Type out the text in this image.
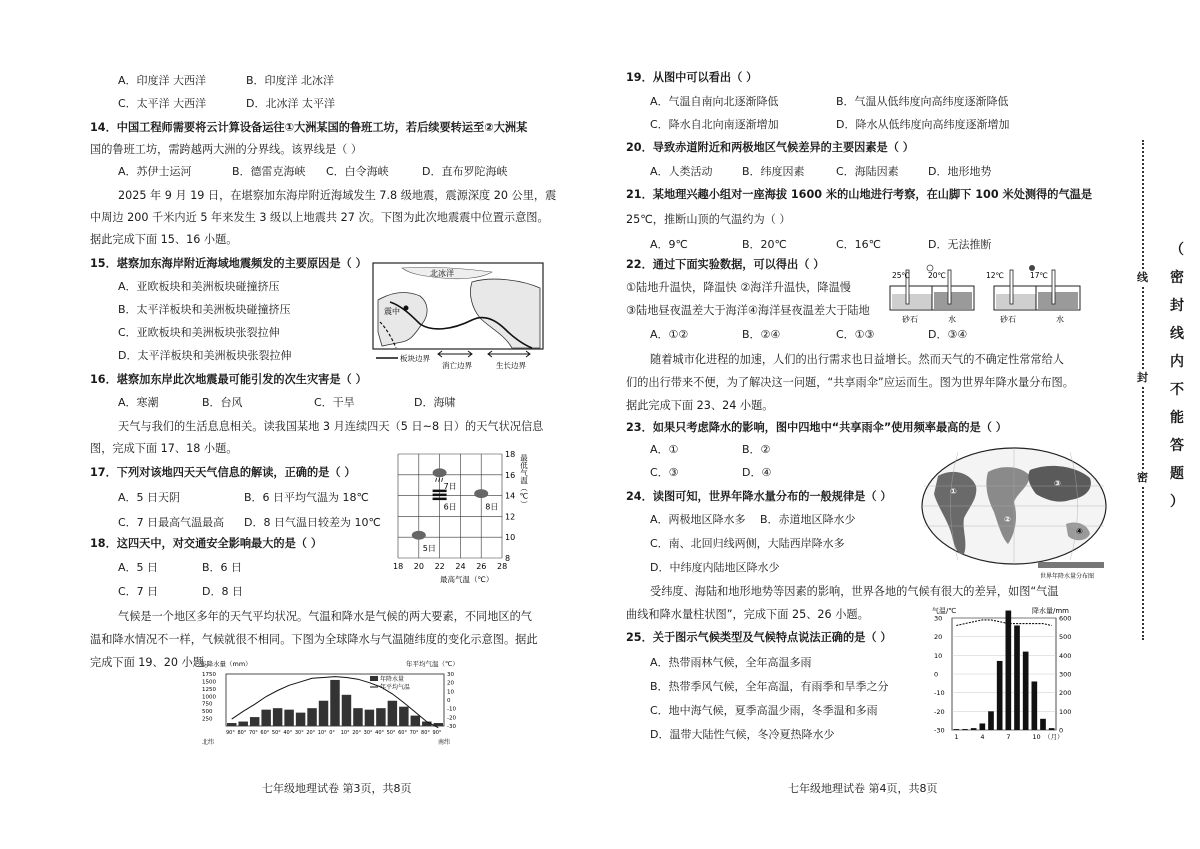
A．印度洋 大西洋	B．印度洋 北冰洋
C．太平洋 大西洋	D．北冰洋 太平洋
14．中国工程师需要将云计算设备运往①大洲某国的鲁班工坊，若后续要转运至②大洲某
国的鲁班工坊，需跨越两大洲的分界线。该界线是（ ）
A．苏伊士运河	B．德雷克海峡 C．白令海峡	D．直布罗陀海峡
2025 年 9 月 19 日，在堪察加东海岸附近海域发生 7.8 级地震，震源深度 20 公里，震
中周边 200 千米内近 5 年来发生 3 级以上地震共 27 次。下图为此次地震震中位置示意图。
据此完成下面 15、16 小题。
15．堪察加东海岸附近海域地震频发的主要原因是（ ）
A．亚欧板块和美洲板块碰撞挤压
B．太平洋板块和美洲板块碰撞挤压
C．亚欧板块和美洲板块张裂拉伸
D．太平洋板块和美洲板块张裂拉伸
北冰洋
震中
板块边界
消亡边界	生长边界
16．堪察加东岸此次地震最可能引发的次生灾害是（ ）
A．寒潮	B．台风	C．干旱	D．海啸
天气与我们的生活息息相关。读我国某地 3 月连续四天（5 日~8 日）的天气状况信息
图，完成下面 17、18 小题。
17．下列对该地四天天气信息的解读，正确的是（ ）
A．5 日天阴	B．6 日平均气温为 18℃
C．7 日最高气温最高 D．8 日气温日较差为 10℃
18 20 22 24 26 28
8
10
12
14
16
18
最高气温（℃）
最低气温（℃）
5日
6日
7日
8日
18．这四天中，对交通安全影响最大的是（ ）
A．5 日	B．6 日
C．7 日	D．8 日
气候是一个地区多年的天气平均状况。气温和降水是气候的两大要素，不同地区的气
温和降水情况不一样，气候就很不相同。下图为全球降水与气温随纬度的变化示意图。据此
完成下面 19、20 小题。
年降水量（mm）	年平均气温（℃）
250
500
750
1000
1250
1500
1750	30
20
10
0
-10
-20
-30
90° 80° 70° 60° 50° 40° 30° 20° 10° 0° 10° 20° 30° 40° 50° 60° 70° 80° 90°
北纬	南纬
年降水量
年平均气温
七年级地理试卷 第3页，共8页
19．从图中可以看出（ ）
A．气温自南向北逐渐降低	B．气温从低纬度向高纬度逐渐降低
C．降水自北向南逐渐增加	D．降水从低纬度向高纬度逐渐增加
20．导致赤道附近和两极地区气候差异的主要因素是（ ）
A．人类活动	B．纬度因素	C．海陆因素	D．地形地势
21．某地理兴趣小组对一座海拔 1600 米的山地进行考察，在山脚下 100 米处测得的气温是
25℃，推断山顶的气温约为（ ）
A．9℃	B．20℃	C．16℃	D．无法推断
22．通过下面实验数据，可以得出（ ）
①陆地升温快，降温快 ②海洋升温快，降温慢
③陆地昼夜温差大于海洋④海洋昼夜温差大于陆地
A．①②	B．②④	C．①③	D．③④
25℃ 20℃
砂石	水
12℃	17℃
砂石	水
随着城市化进程的加速，人们的出行需求也日益增长。然而天气的不确定性常常给人
们的出行带来不便，为了解决这一问题，“共享雨伞”应运而生。图为世界年降水量分布图。
据此完成下面 23、24 小题。
23．如果只考虑降水的影响，图中四地中“共享雨伞”使用频率最高的是（ ）
A．①	B．②
C．③	D．④
①
②
③
④
世界年降水量分布图
24．读图可知，世界年降水量分布的一般规律是（ ）
A．两极地区降水多 B．赤道地区降水少
C．南、北回归线两侧，大陆西岸降水多
D．中纬度内陆地区降水少
受纬度、海陆和地形地势等因素的影响，世界各地的气候有很大的差异，如图“气温
曲线和降水量柱状图”，完成下面 25、26 小题。
25．关于图示气候类型及气候特点说法正确的是（ ）
A．热带雨林气候，全年高温多雨
B．热带季风气候，全年高温，有雨季和旱季之分
C．地中海气候，夏季高温少雨，冬季温和多雨
D．温带大陆性气候，冬冷夏热降水少
气温/℃	降水量/mm
30
20
10
0
-10
-20
-30
600
500
400
300
200
100
0
1	4	7	10 （月）
七年级地理试卷 第4页，共8页
（
密
封
线
内
不
能
答
题
）
线
封
密
